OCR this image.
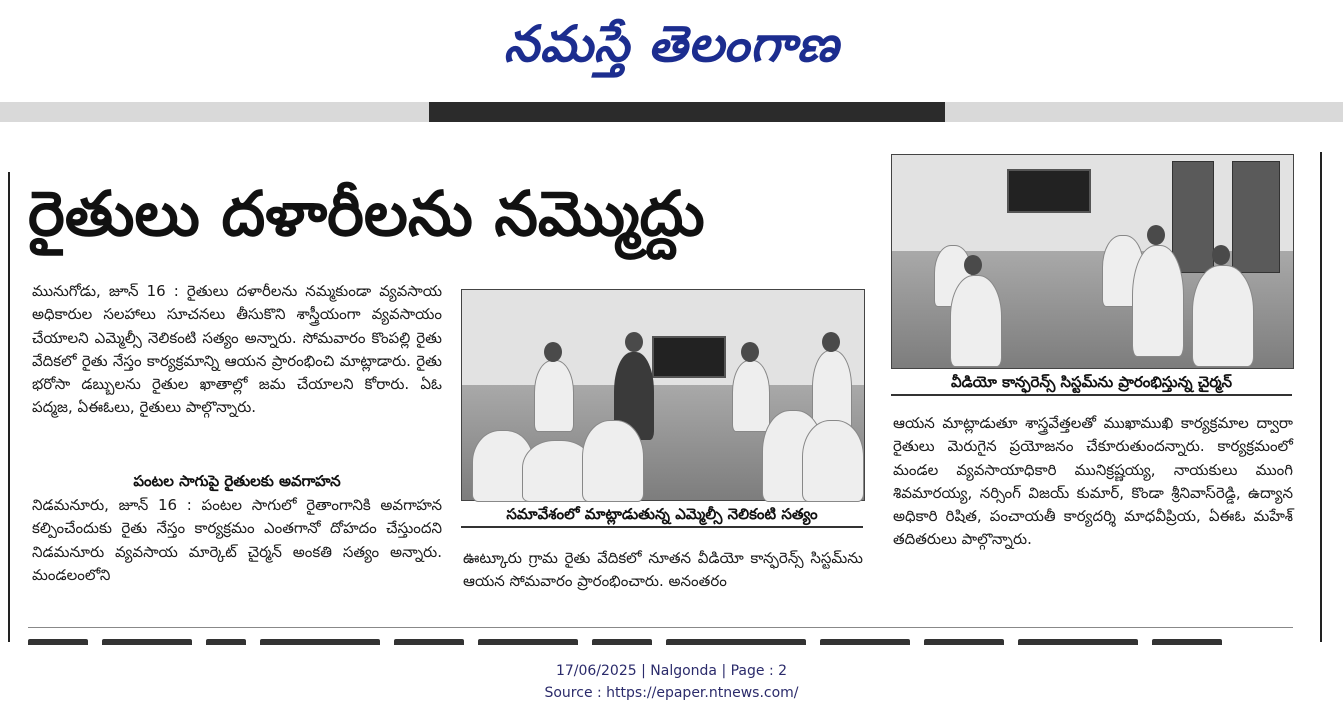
నమస్తే తెలంగాణ
రైతులు దళారీలను నమ్మొద్దు
మునుగోడు, జూన్ 16 : రైతులు దళారీలను నమ్మకుండా వ్యవసాయ అధికారుల సలహాలు సూచనలు తీసుకొని శాస్త్రీయంగా వ్యవసాయం చేయాలని ఎమ్మెల్సీ నెలికంటి సత్యం అన్నారు. సోమవారం కొంపల్లి రైతు వేదికలో రైతు నేస్తం కార్యక్రమాన్ని ఆయన ప్రారంభించి మాట్లాడారు. రైతు భరోసా డబ్బులను రైతుల ఖాతాల్లో జమ చేయాలని కోరారు. ఏఓ పద్మజ, ఏఈఓలు, రైతులు పాల్గొన్నారు.
పంటల సాగుపై రైతులకు అవగాహన
నిడమనూరు, జూన్ 16 : పంటల సాగులో రైతాంగానికి అవగాహన కల్పించేందుకు రైతు నేస్తం కార్యక్రమం ఎంతగానో దోహదం చేస్తుందని నిడమనూరు వ్యవసాయ మార్కెట్ చైర్మన్ అంకతి సత్యం అన్నారు. మండలంలోని
సమావేశంలో మాట్లాడుతున్న ఎమ్మెల్సీ నెలికంటి సత్యం
ఊట్కూరు గ్రామ రైతు వేదికలో నూతన వీడియో కాన్ఫరెన్స్ సిస్టమ్‌ను ఆయన సోమవారం ప్రారంభించారు. అనంతరం
వీడియో కాన్ఫరెన్స్ సిస్టమ్‌ను ప్రారంభిస్తున్న చైర్మన్
ఆయన మాట్లాడుతూ శాస్త్రవేత్తలతో ముఖాముఖి కార్యక్రమాల ద్వారా రైతులు మెరుగైన ప్రయోజనం చేకూరుతుందన్నారు. కార్యక్రమంలో మండల వ్యవసాయాధికారి మునిక్రష్ణయ్య, నాయకులు ముంగి శివమారయ్య, నర్సింగ్ విజయ్ కుమార్, కొండా శ్రీనివాస్‌రెడ్డి, ఉద్యాన అధికారి రిషిత, పంచాయతీ కార్యదర్శి మాధవీప్రియ, ఏఈఓ మహేశ్ తదితరులు పాల్గొన్నారు.
17/06/2025 | Nalgonda | Page : 2
Source : https://epaper.ntnews.com/
